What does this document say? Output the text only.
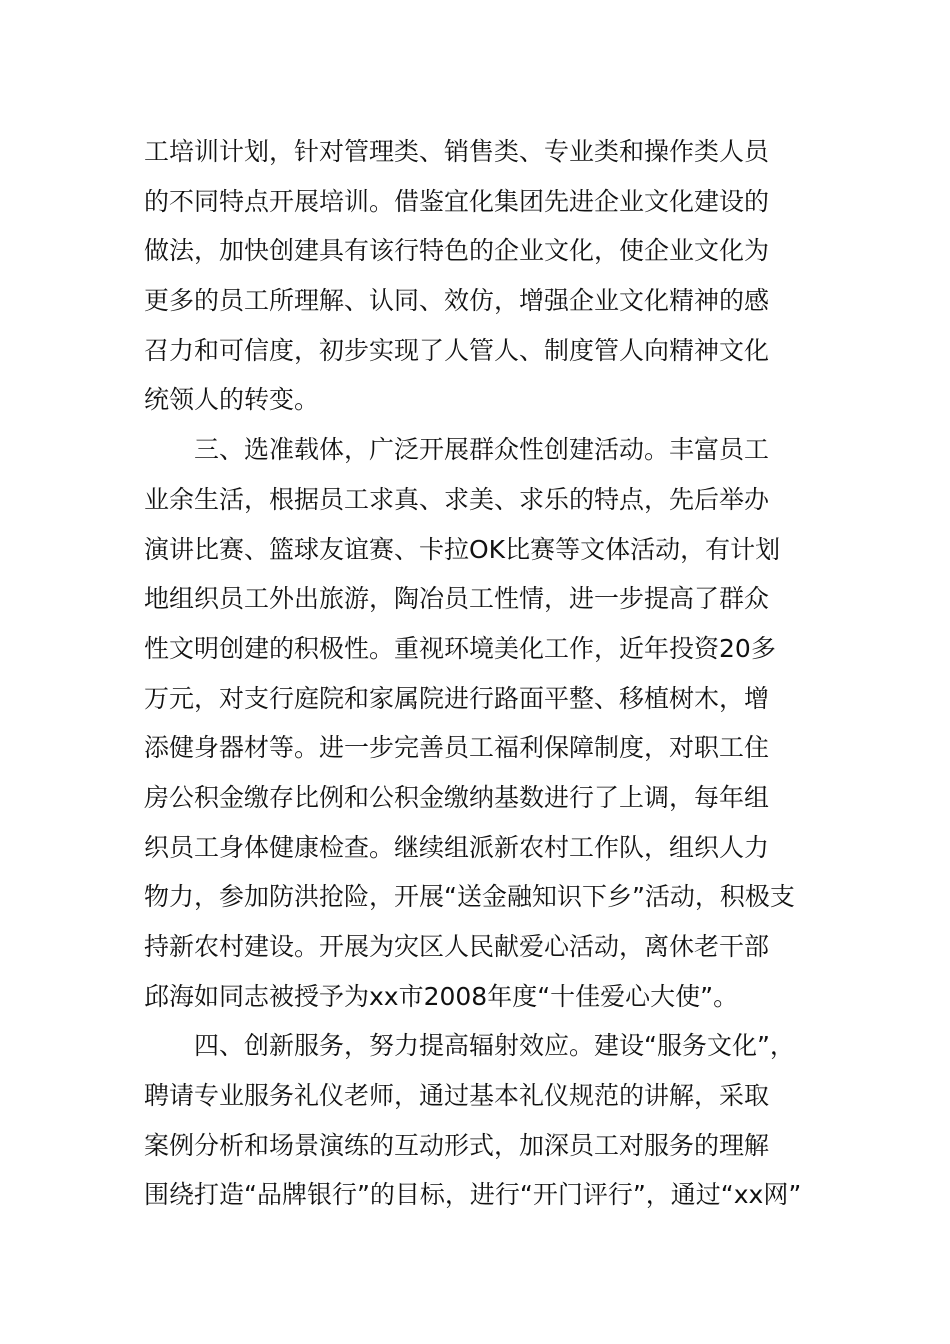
工培训计划，针对管理类、销售类、专业类和操作类人员
的不同特点开展培训。借鉴宜化集团先进企业文化建设的
做法，加快创建具有该行特色的企业文化，使企业文化为
更多的员工所理解、认同、效仿，增强企业文化精神的感
召力和可信度，初步实现了人管人、制度管人向精神文化
统领人的转变。
三、选准载体，广泛开展群众性创建活动。丰富员工
业余生活，根据员工求真、求美、求乐的特点，先后举办
演讲比赛、篮球友谊赛、卡拉OK比赛等文体活动，有计划
地组织员工外出旅游，陶冶员工性情，进一步提高了群众
性文明创建的积极性。重视环境美化工作，近年投资20多
万元，对支行庭院和家属院进行路面平整、移植树木，增
添健身器材等。进一步完善员工福利保障制度，对职工住
房公积金缴存比例和公积金缴纳基数进行了上调，每年组
织员工身体健康检查。继续组派新农村工作队，组织人力
物力，参加防洪抢险，开展“送金融知识下乡”活动，积极支
持新农村建设。开展为灾区人民献爱心活动，离休老干部
邱海如同志被授予为xx市2008年度“十佳爱心大使”。
四、创新服务，努力提高辐射效应。建设“服务文化”，
聘请专业服务礼仪老师，通过基本礼仪规范的讲解，采取
案例分析和场景演练的互动形式，加深员工对服务的理解
围绕打造“品牌银行”的目标，进行“开门评行”，通过“xx网”
